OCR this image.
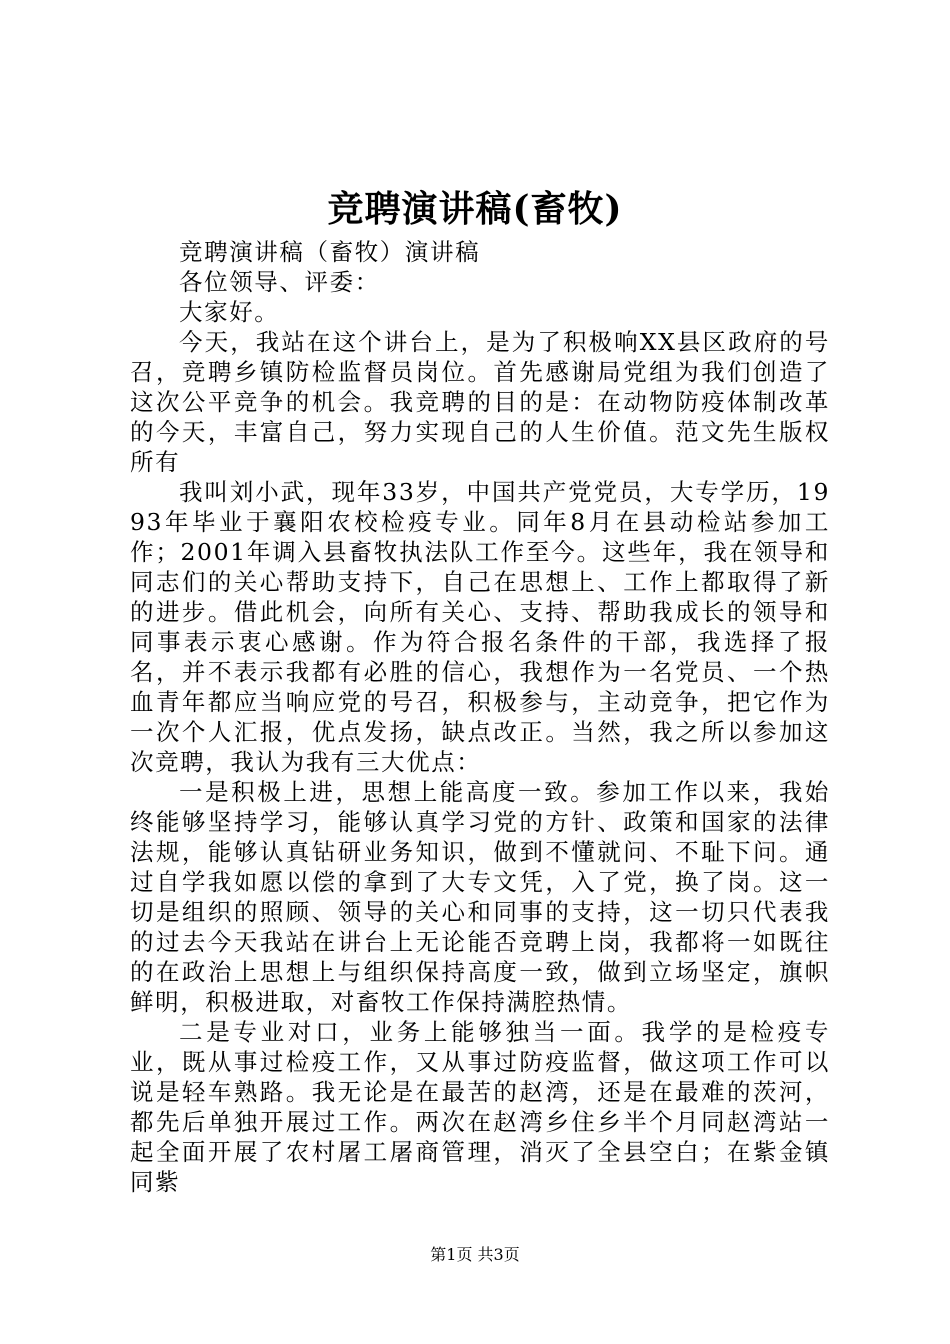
竞聘演讲稿(畜牧)

竞聘演讲稿（畜牧）演讲稿

各位领导、评委：

大家好。

今天，我站在这个讲台上，是为了积极响XX县区政府的号召，竞聘乡镇防检监督员岗位。首先感谢局党组为我们创造了这次公平竞争的机会。我竞聘的目的是：在动物防疫体制改革的今天，丰富自己，努力实现自己的人生价值。范文先生版权所有

我叫刘小武，现年33岁，中国共产党党员，大专学历，1993年毕业于襄阳农校检疫专业。同年8月在县动检站参加工作；2001年调入县畜牧执法队工作至今。这些年，我在领导和同志们的关心帮助支持下，自己在思想上、工作上都取得了新的进步。借此机会，向所有关心、支持、帮助我成长的领导和同事表示衷心感谢。作为符合报名条件的干部，我选择了报名，并不表示我都有必胜的信心，我想作为一名党员、一个热血青年都应当响应党的号召，积极参与，主动竞争，把它作为一次个人汇报，优点发扬，缺点改正。当然，我之所以参加这次竞聘，我认为我有三大优点：

一是积极上进，思想上能高度一致。参加工作以来，我始终能够坚持学习，能够认真学习党的方针、政策和国家的法律法规，能够认真钻研业务知识，做到不懂就问、不耻下问。通过自学我如愿以偿的拿到了大专文凭，入了党，换了岗。这一切是组织的照顾、领导的关心和同事的支持，这一切只代表我的过去今天我站在讲台上无论能否竞聘上岗，我都将一如既往的在政治上思想上与组织保持高度一致，做到立场坚定，旗帜鲜明，积极进取，对畜牧工作保持满腔热情。

二是专业对口，业务上能够独当一面。我学的是检疫专业，既从事过检疫工作，又从事过防疫监督，做这项工作可以说是轻车熟路。我无论是在最苦的赵湾，还是在最难的茨河，都先后单独开展过工作。两次在赵湾乡住乡半个月同赵湾站一起全面开展了农村屠工屠商管理，消灭了全县空白；在紫金镇同紫

第1页 共3页
